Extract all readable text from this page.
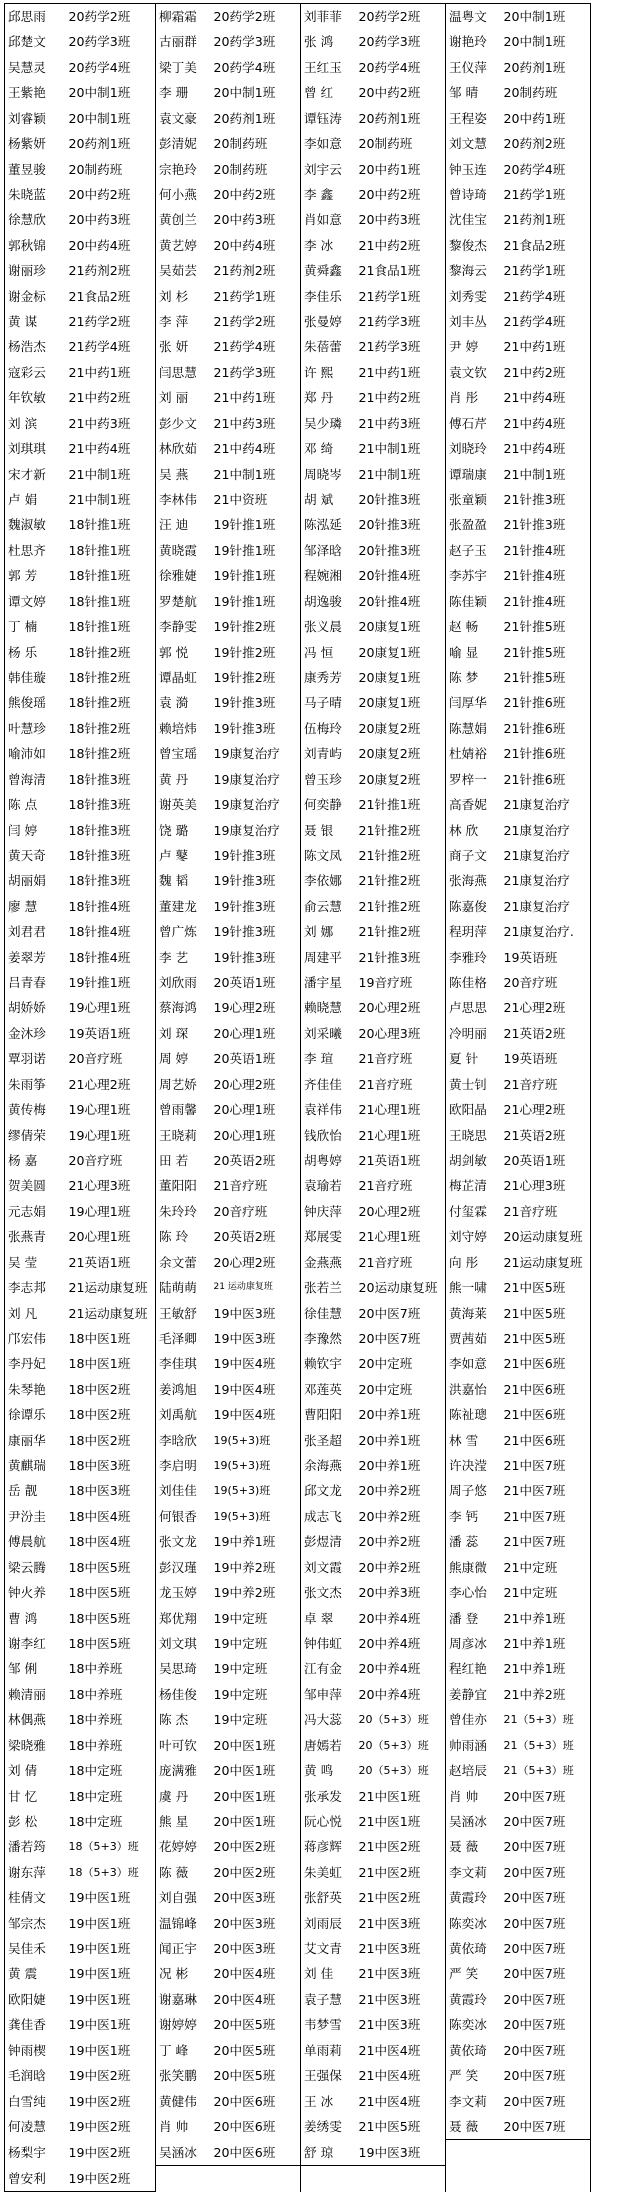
邱思雨	20药学2班	柳霜霜	20药学2班	刘菲菲	20药学2班	温粤文	20中制1班
邱楚文	20药学3班	古丽群	20药学3班	张 鸿	20药学3班	谢艳玲	20中制1班
吴慧灵	20药学4班	梁丁美	20药学4班	王红玉	20药学4班	王仪萍	20药剂1班
王紫艳	20中制1班	李 珊	20中制1班	曾 红	20中药2班	邹 晴	20制药班
刘睿颖	20中制1班	袁文豪	20药剂1班	谭钰涛	20药剂1班	王程姿	20中药1班
杨紫妍	20药剂1班	彭清妮	20制药班	李如意	20制药班	刘文慧	20药剂2班
董昱骏	20制药班	宗艳玲	20制药班	刘宇云	20中药1班	钟玉连	20药学4班
朱晓蓝	20中药2班	何小燕	20中药2班	李 鑫	20中药2班	曾诗琦	21药学1班
徐慧欣	20中药3班	黄创兰	20中药3班	肖如意	20中药3班	沈佳宝	21药剂1班
郭秋锦	20中药4班	黄艺婷	20中药4班	李 冰	21中药2班	黎俊杰	21食品2班
谢丽珍	21药剂2班	吴茹芸	21药剂2班	黄舜鑫	21食品1班	黎海云	21药学1班
谢金标	21食品2班	刘 杉	21药学1班	李佳乐	21药学1班	刘秀雯	21药学4班
黄 谋	21药学2班	李 萍	21药学2班	张曼婷	21药学3班	刘丰丛	21药学4班
杨浩杰	21药学4班	张 妍	21药学4班	朱蓓蕾	21药学3班	尹 婷	21中药1班
寇彩云	21中药1班	闫思慧	21药学3班	许 熙	21中药1班	袁文钦	21中药2班
年钦敏	21中药2班	刘 丽	21中药1班	郑 丹	21中药2班	肖 彤	21中药4班
刘 滨	21中药3班	彭少文	21中药3班	吴少璘	21中药3班	傅石芹	21中药4班
刘琪琪	21中药4班	林欣茹	21中药4班	邓 绮	21中制1班	刘晓玲	21中药4班
宋才新	21中制1班	吴 燕	21中制1班	周晓岑	21中制1班	谭瑞康	21中制1班
卢 娟	21中制1班	李林伟	21中资班	胡 斌	20针推3班	张童颖	21针推3班
魏淑敏	18针推1班	汪 迪	19针推1班	陈泓延	20针推3班	张盈盈	21针推3班
杜思齐	18针推1班	黄晓霞	19针推1班	邹泽晗	20针推3班	赵子玉	21针推4班
郭 芳	18针推1班	徐雅婕	19针推1班	程婉湘	20针推4班	李苏宇	21针推4班
谭文婷	18针推1班	罗楚航	19针推1班	胡逸骏	20针推4班	陈佳颖	21针推4班
丁 楠	18针推1班	李静雯	19针推2班	张义晨	20康复1班	赵 畅	21针推5班
杨 乐	18针推2班	郭 悦	19针推2班	冯 恒	20康复1班	喻 显	21针推5班
韩佳璇	18针推2班	谭晶虹	19针推2班	康秀芳	20康复1班	陈 梦	21针推5班
熊俊瑶	18针推2班	袁 漪	19针推3班	马子晴	20康复1班	闫厚华	21针推6班
叶慧珍	18针推2班	赖培炜	19针推3班	伍梅玲	20康复2班	陈慧娟	21针推6班
喻沛如	18针推2班	曾宝瑶	19康复治疗	刘青屿	20康复2班	杜婧裕	21针推6班
曾海清	18针推3班	黄 丹	19康复治疗	曾玉珍	20康复2班	罗梓一	21针推6班
陈 点	18针推3班	谢英美	19康复治疗	何奕静	21针推1班	高香妮	21康复治疗
闫 婷	18针推3班	饶 璐	19康复治疗	聂 银	21针推2班	林 欣	21康复治疗
黄天奇	18针推3班	卢 鼕	19针推3班	陈文凤	21针推2班	商子文	21康复治疗
胡丽娟	18针推3班	魏 韬	19针推3班	李依娜	21针推2班	张海燕	21康复治疗
廖 慧	18针推4班	董建龙	19针推3班	俞云慧	21针推2班	陈嘉俊	21康复治疗
刘君君	18针推4班	曾广炼	19针推3班	刘 娜	21针推2班	程玥萍	21康复治疗.
姜翠芳	18针推4班	李 艺	19针推3班	周建平	21针推3班	李雅玲	19英语班
吕青春	19针推1班	刘欣雨	20英语1班	潘宇星	19音疗班	陈佳格	20音疗班
胡娇娇	19心理1班	蔡海鸿	19心理2班	赖晓慧	20心理2班	卢思思	21心理2班
金沐珍	19英语1班	刘 琛	20心理1班	刘采曦	20心理3班	冷明丽	21英语2班
覃羽诺	20音疗班	周 婷	20英语1班	李 瑄	21音疗班	夏 针	19英语班
朱雨筝	21心理2班	周艺娇	20心理2班	齐佳佳	21音疗班	黄士钊	21音疗班
黄传梅	19心理1班	曾雨馨	20心理1班	袁祥伟	21心理1班	欧阳晶	21心理2班
缪倩荣	19心理1班	王晓莉	20心理1班	钱欣怡	21心理1班	王晓思	21英语2班
杨 嘉	20音疗班	田 若	20英语2班	胡粤婷	21英语1班	胡剑敏	20英语1班
贺美圆	21心理3班	董阳阳	21音疗班	袁瑜若	21音疗班	梅芷清	21心理3班
元志娟	19心理1班	朱玲玲	20音疗班	钟庆萍	20心理2班	付玺霖	21音疗班
张燕青	20心理1班	陈 玲	20英语2班	郑展雯	21心理1班	刘守婷	20运动康复班
吴 莹	21英语1班	余文蕾	20心理2班	金燕燕	21音疗班	向 彤	21运动康复班
李志邦	21运动康复班	陆萌萌	21 运动康复班	张若兰	20运动康复班	熊一啸	21中医5班
刘 凡	21运动康复班	王敏舒	19中医3班	徐佳慧	20中医7班	黄海莱	21中医5班
邝宏伟	18中医1班	毛泽卿	19中医3班	李豫然	20中医7班	贾茜茹	21中医5班
李丹妃	18中医1班	李佳琪	19中医4班	赖钦宇	20中定班	李如意	21中医6班
朱琴艳	18中医2班	姜鸿旭	19中医4班	邓莲英	20中定班	洪嘉怡	21中医6班
徐谭乐	18中医2班	刘禹航	19中医4班	曹阳阳	20中养1班	陈祉璁	21中医6班
康丽华	18中医2班	李晗欣	19(5+3)班	张圣超	20中养1班	林 雪	21中医6班
黄麒瑞	18中医3班	李启明	19(5+3)班	余海燕	20中养1班	许决滢	21中医7班
岳 靓	18中医3班	刘佳佳	19(5+3)班	邱文龙	20中养2班	周子悠	21中医7班
尹汾圭	18中医4班	何银香	19(5+3)班	成志飞	20中养2班	李 钙	21中医7班
傅晨航	18中医4班	张文龙	19中养1班	彭煜清	20中养2班	潘 蕊	21中医7班
梁云腾	18中医5班	彭汉瑾	19中养2班	刘文霞	20中养2班	熊康微	21中定班
钟火养	18中医5班	龙玉婷	19中养2班	张文杰	20中养3班	李心怡	21中定班
曹 鸿	18中医5班	郑优翔	19中定班	卓 翠	20中养4班	潘 登	21中养1班
谢李红	18中医5班	刘文琪	19中定班	钟伟虹	20中养4班	周彦冰	21中养1班
邹 俐	18中养班	吴思琦	19中定班	江有金	20中养4班	程红艳	21中养1班
赖清丽	18中养班	杨佳俊	19中定班	邹申萍	20中养4班	姜静宜	21中养2班
林偶燕	18中养班	陈 杰	19中定班	冯大蕊	20（5+3）班	曾佳亦	21（5+3）班
梁晓雅	18中养班	叶可钦	20中医1班	唐嫣若	20（5+3）班	帅雨涵	21（5+3）班
刘 倩	18中定班	庞满雅	20中医1班	黄 鸣	20（5+3）班	赵培辰	21（5+3）班
甘 忆	18中定班	虞 丹	20中医1班	张承发	21中医1班	肖 帅	20中医7班
彭 松	18中定班	熊 星	20中医1班	阮心悦	21中医1班	吴涵冰	20中医7班
潘若筠	18（5+3）班	花婷婷	20中医2班	蒋彦辉	21中医2班	聂 薇	20中医7班
谢东萍	18（5+3）班	陈 薇	20中医2班	朱美虹	21中医2班	李文莉	20中医7班
桂倩文	19中医1班	刘自强	20中医3班	张舒英	21中医2班	黄霞玲	20中医7班
邹宗杰	19中医1班	温锦峰	20中医3班	刘雨辰	21中医3班	陈奕冰	20中医7班
吴佳禾	19中医1班	闻正宇	20中医3班	艾文青	21中医3班	黄依琦	20中医7班
黄 震	19中医1班	况 彬	20中医4班	刘 佳	21中医3班	严 笑	20中医7班
欧阳婕	19中医1班	谢嘉琳	20中医4班	袁子慧	21中医3班	黄霞玲	20中医7班
龚佳香	19中医1班	谢婷婷	20中医5班	韦梦雪	21中医3班	陈奕冰	20中医7班
钟雨楔	19中医1班	丁 峰	20中医5班	单雨莉	21中医4班	黄依琦	20中医7班
毛润晗	19中医2班	张笑鹏	20中医5班	王强保	21中医4班	严 笑	20中医7班
白雪纯	19中医2班	黄健伟	20中医6班	王 冰	21中医4班	李文莉	20中医7班
何凌慧	19中医2班	肖 帅	20中医6班	姜绣雯	21中医5班	聂 薇	20中医7班
杨梨宇	19中医2班	吴涵冰	20中医6班	舒 琼	19中医3班		
曾安利	19中医2班						
